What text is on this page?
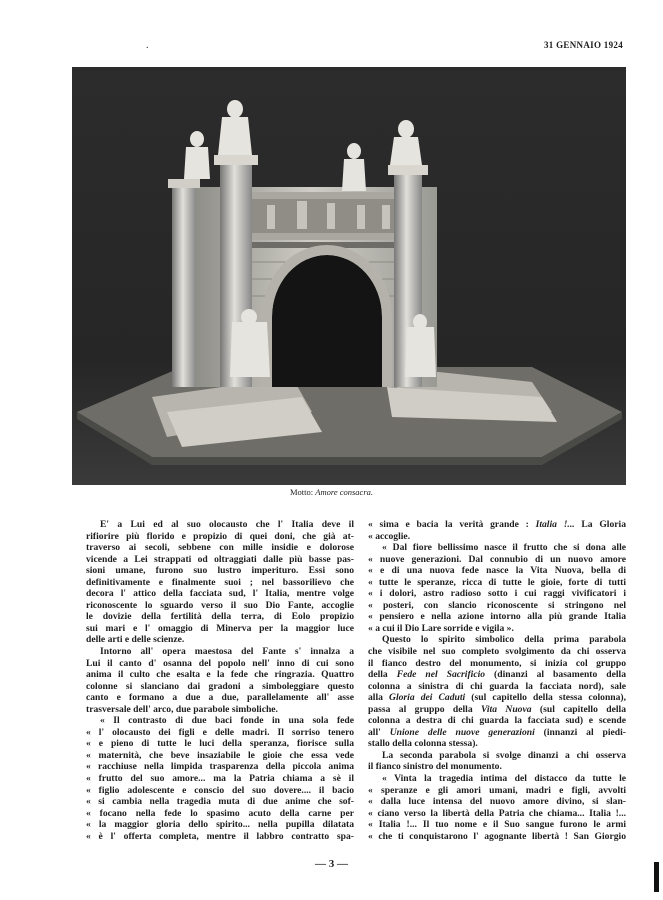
.	31 GENNAIO 1924
Motto: Amore consacra.
E' a Lui ed al suo olocausto che l' Italia deve il
rifiorire più florido e propizio di quei doni, che già at-
traverso ai secoli, sebbene con mille insidie e dolorose
vicende a Lei strappati od oltraggiati dalle più basse pas-
sioni umane, furono suo lustro imperituro. Essi sono
definitivamente e finalmente suoi ; nel bassorilievo che
decora l' attico della facciata sud, l' Italia, mentre volge
riconoscente lo sguardo verso il suo Dio Fante, accoglie
le dovizie della fertilità della terra, di Eolo propizio
sui mari e l' omaggio di Minerva per la maggior luce
delle arti e delle scienze.
Intorno all' opera maestosa del Fante s' innalza a
Lui il canto d' osanna del popolo nell' inno di cui sono
anima il culto che esalta e la fede che ringrazia. Quattro
colonne si slanciano dai gradoni a simboleggiare questo
canto e formano a due a due, parallelamente all' asse
trasversale dell' arco, due parabole simboliche.
« Il contrasto di due baci fonde in una sola fede
« l' olocausto dei figli e delle madri. Il sorriso tenero
« e pieno di tutte le luci della speranza, fiorisce sulla
« maternità, che beve insaziabile le gioie che essa vede
« racchiuse nella limpida trasparenza della piccola anima
« frutto del suo amore... ma la Patria chiama a sè il
« figlio adolescente e conscio del suo dovere.... il bacio
« si cambia nella tragedia muta di due anime che sof-
« focano nella fede lo spasimo acuto della carne per
« la maggior gloria dello spirito... nella pupilla dilatata
« è l' offerta completa, mentre il labbro contratto spa-
« sima e bacia la verità grande : Italia !... La Gloria
« accoglie.
« Dal fiore bellissimo nasce il frutto che si dona alle
« nuove generazioni. Dal connubio di un nuovo amore
« e di una nuova fede nasce la Vita Nuova, bella di
« tutte le speranze, ricca di tutte le gioie, forte di tutti
« i dolori, astro radioso sotto i cui raggi vivificatori i
« posteri, con slancio riconoscente si stringono nel
« pensiero e nella azione intorno alla più grande Italia
« a cui il Dio Lare sorride e vigila ».
Questo lo spirito simbolico della prima parabola
che visibile nel suo completo svolgimento da chi osserva
il fianco destro del monumento, si inizia col gruppo
della Fede nel Sacrificio (dinanzi al basamento della
colonna a sinistra di chi guarda la facciata nord), sale
alla Gloria dei Caduti (sul capitello della stessa colonna),
passa al gruppo della Vita Nuova (sul capitello della
colonna a destra di chi guarda la facciata sud) e scende
all' Unione delle nuove generazioni (innanzi al piedi-
stallo della colonna stessa).
La seconda parabola si svolge dinanzi a chi osserva
il fianco sinistro del monumento.
« Vinta la tragedia intima del distacco da tutte le
« speranze e gli amori umani, madri e figli, avvolti
« dalla luce intensa del nuovo amore divino, si slan-
« ciano verso la libertà della Patria che chiama... Italia !...
« Italia !... Il tuo nome e il Suo sangue furono le armi
« che ti conquistarono l' agognante libertà ! San Giorgio
— 3 —
